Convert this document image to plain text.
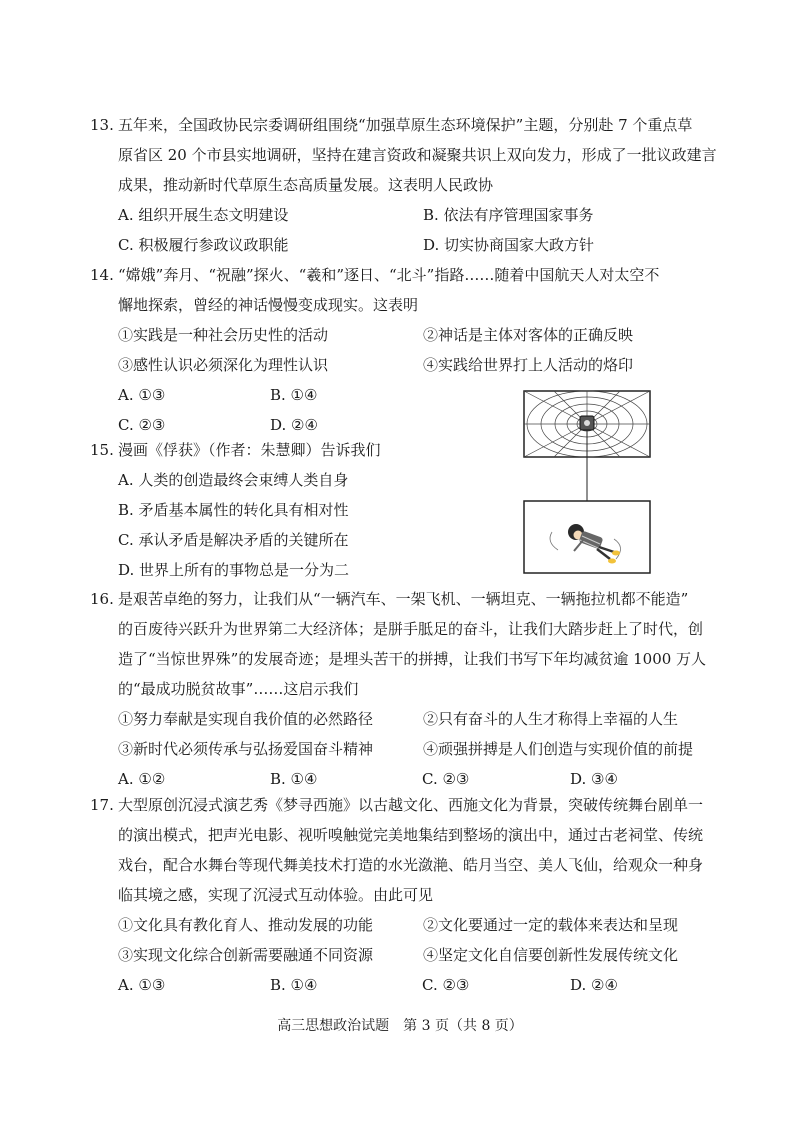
13. 五年来，全国政协民宗委调研组围绕“加强草原生态环境保护”主题，分别赴 7 个重点草
原省区 20 个市县实地调研，坚持在建言资政和凝聚共识上双向发力，形成了一批议政建言
成果，推动新时代草原生态高质量发展。这表明人民政协
A. 组织开展生态文明建设	B. 依法有序管理国家事务
C. 积极履行参政议政职能	D. 切实协商国家大政方针
14. “嫦娥”奔月、“祝融”探火、“羲和”逐日、“北斗”指路……随着中国航天人对太空不
懈地探索，曾经的神话慢慢变成现实。这表明
①实践是一种社会历史性的活动	②神话是主体对客体的正确反映
③感性认识必须深化为理性认识	④实践给世界打上人活动的烙印
A. ①③	B. ①④
C. ②③	D. ②④
15. 漫画《俘获》（作者：朱慧卿）告诉我们
A. 人类的创造最终会束缚人类自身
B. 矛盾基本属性的转化具有相对性
C. 承认矛盾是解决矛盾的关键所在
D. 世界上所有的事物总是一分为二
16. 是艰苦卓绝的努力，让我们从“一辆汽车、一架飞机、一辆坦克、一辆拖拉机都不能造”
的百废待兴跃升为世界第二大经济体；是胼手胝足的奋斗，让我们大踏步赶上了时代，创
造了“当惊世界殊”的发展奇迹；是埋头苦干的拼搏，让我们书写下年均减贫逾 1000 万人
的“最成功脱贫故事”……这启示我们
①努力奉献是实现自我价值的必然路径	②只有奋斗的人生才称得上幸福的人生
③新时代必须传承与弘扬爱国奋斗精神	④顽强拼搏是人们创造与实现价值的前提
A. ①②	B. ①④	C. ②③	D. ③④
17. 大型原创沉浸式演艺秀《梦寻西施》以古越文化、西施文化为背景，突破传统舞台剧单一
的演出模式，把声光电影、视听嗅触觉完美地集结到整场的演出中，通过古老祠堂、传统
戏台，配合水舞台等现代舞美技术打造的水光潋滟、皓月当空、美人飞仙，给观众一种身
临其境之感，实现了沉浸式互动体验。由此可见
①文化具有教化育人、推动发展的功能	②文化要通过一定的载体来表达和呈现
③实现文化综合创新需要融通不同资源	④坚定文化自信要创新性发展传统文化
A. ①③	B. ①④	C. ②③	D. ②④
高三思想政治试题　第 3 页（共 8 页）
